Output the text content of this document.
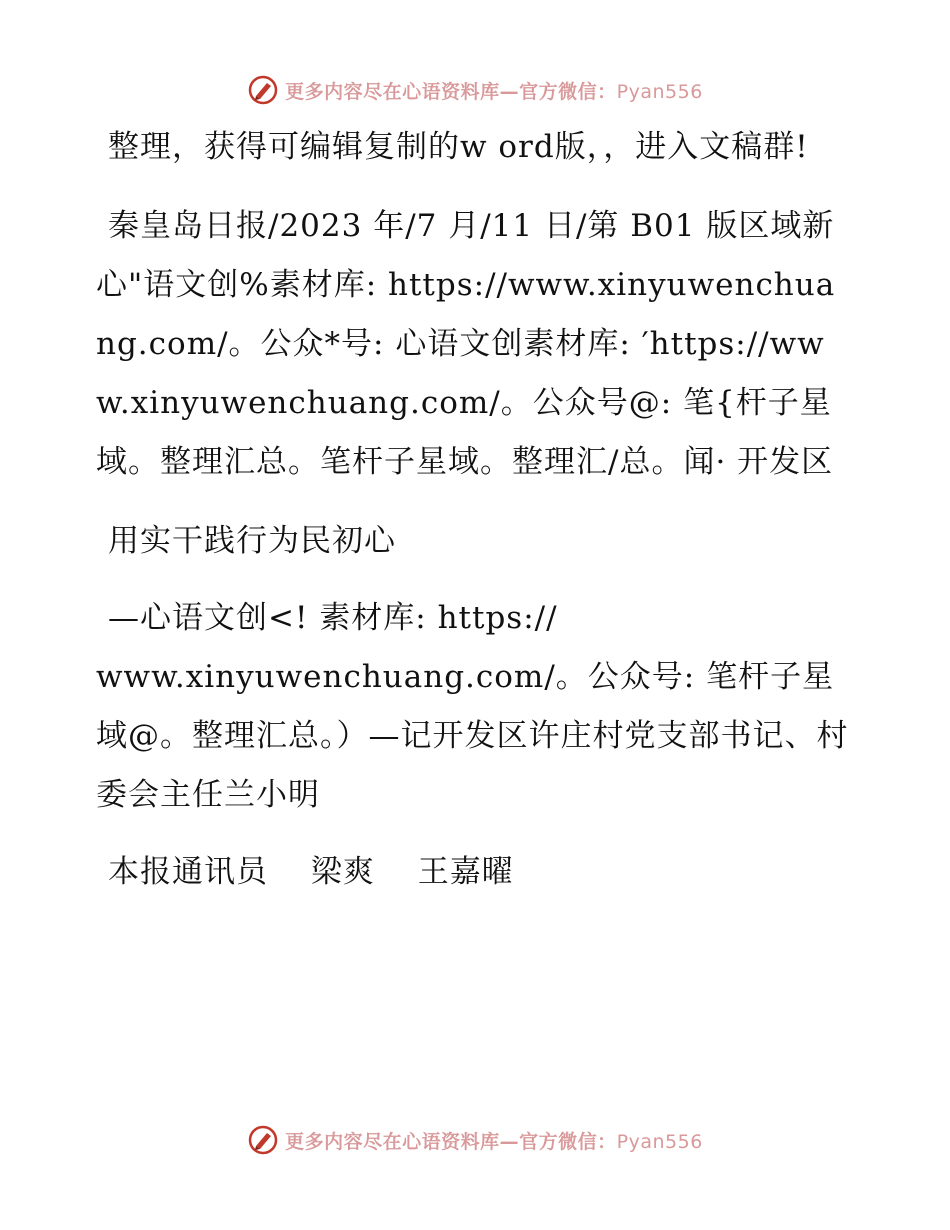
更多内容尽在心语资料库—官方微信：Pyan556

整理，获得可编辑复制的w ord版，，进入文稿群!

秦皇岛日报/2023 年/7 月/11 日/第 B01 版区域新心"语文创%素材库: https://www.xinyuwenchuang.com/。公众*号: 心语文创素材库: ′https://www.xinyuwenchuang.com/。公众号@: 笔{杆子星域。整理汇总。笔杆子星域。整理汇/总。闻· 开发区

用实干践行为民初心

—心语文创<! 素材库: https://
www.xinyuwenchuang.com/。公众号: 笔杆子星域@。整理汇总。）—记开发区许庄村党支部书记、村委会主任兰小明

本报通讯员　 梁爽　 王嘉曜

更多内容尽在心语资料库—官方微信：Pyan556
